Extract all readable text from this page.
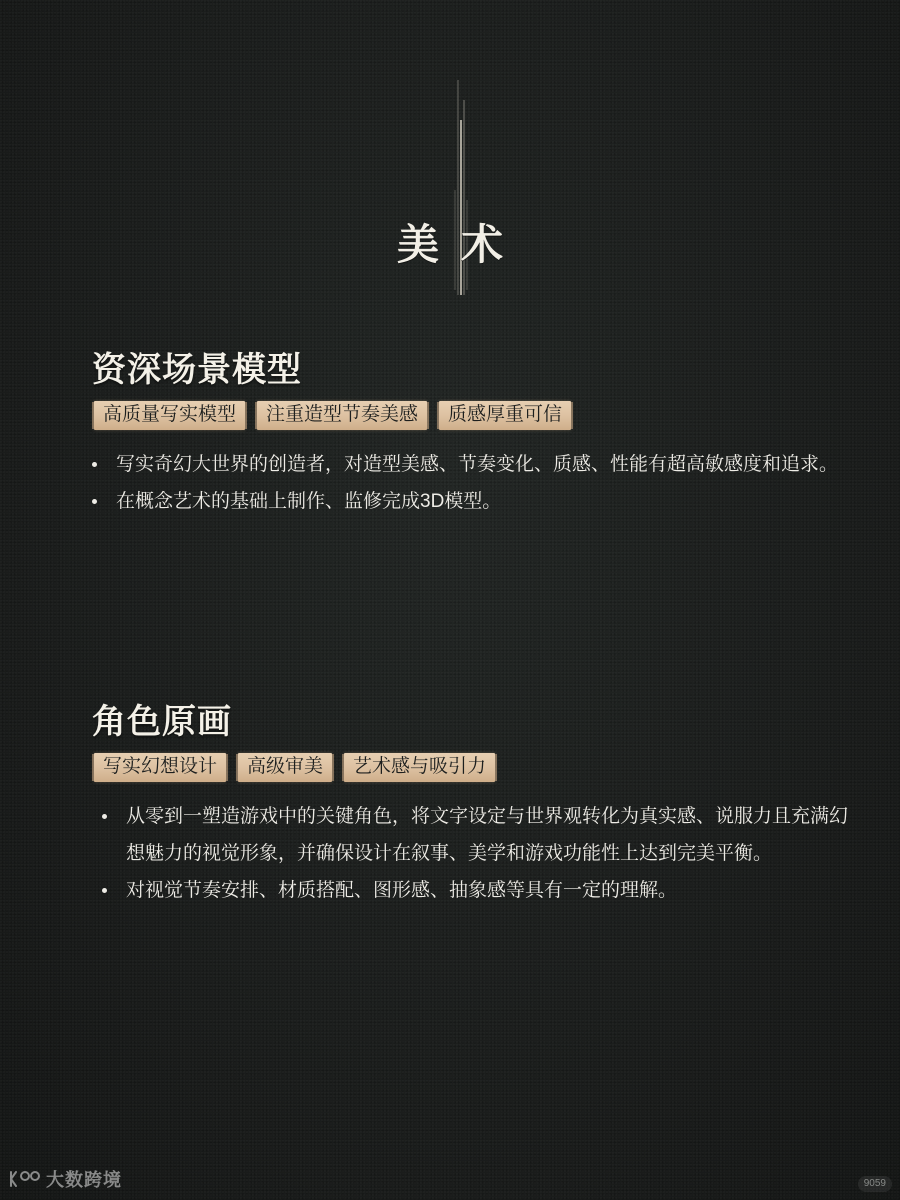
美术
资深场景模型
高质量写实模型	注重造型节奏美感	质感厚重可信
写实奇幻大世界的创造者，对造型美感、节奏变化、质感、性能有超高敏感度和追求。
在概念艺术的基础上制作、监修完成3D模型。
角色原画
写实幻想设计	高级审美	艺术感与吸引力
从零到一塑造游戏中的关键角色，将文字设定与世界观转化为真实感、说服力且充满幻想魅力的视觉形象，并确保设计在叙事、美学和游戏功能性上达到完美平衡。
对视觉节奏安排、材质搭配、图形感、抽象感等具有一定的理解。
大数跨境	9059
